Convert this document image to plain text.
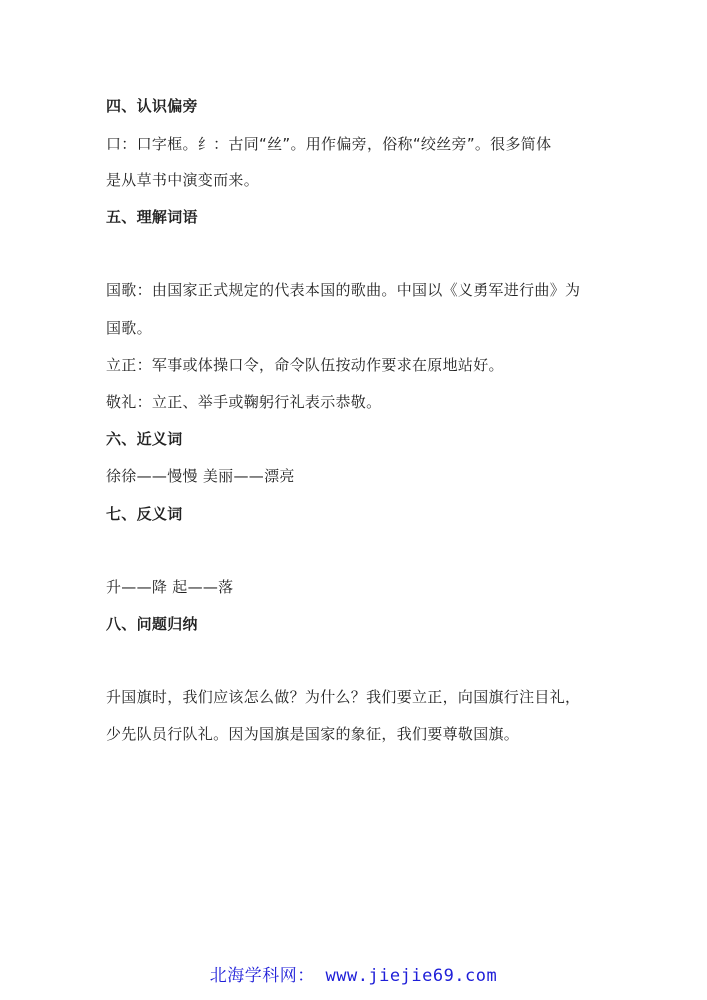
四、认识偏旁
口：口字框。纟：古同“丝”。用作偏旁，俗称“绞丝旁”。很多简体
是从草书中演变而来。
五、理解词语
国歌：由国家正式规定的代表本国的歌曲。中国以《义勇军进行曲》为
国歌。
立正：军事或体操口令，命令队伍按动作要求在原地站好。
敬礼：立正、举手或鞠躬行礼表示恭敬。
六、近义词
徐徐——慢慢 美丽——漂亮
七、反义词
升——降 起——落
八、问题归纳
升国旗时，我们应该怎么做？为什么？我们要立正，向国旗行注目礼，
少先队员行队礼。因为国旗是国家的象征，我们要尊敬国旗。
北海学科网： www.jiejie69.com
